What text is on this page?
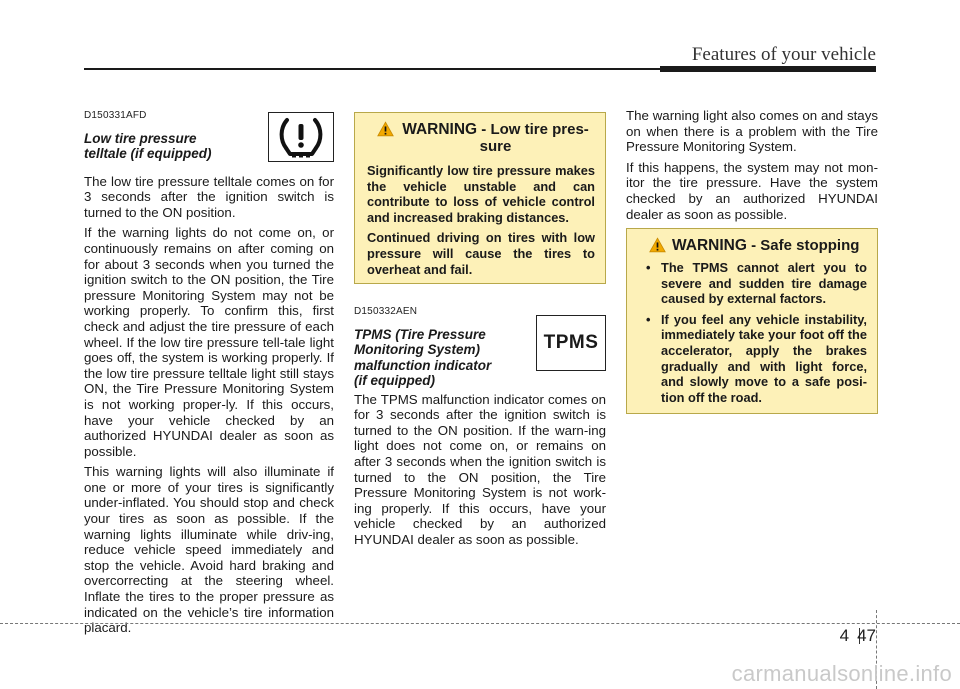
Features of your vehicle
D150331AFD
Low tire pressure
telltale (if equipped)

The low tire pressure telltale comes on for 3 seconds after the ignition switch is turned to the ON position.

If the warning lights do not come on, or continuously remains on after coming on for about 3 seconds when you turned the ignition switch to the ON position, the Tire pressure Monitoring System may not be working properly. To confirm this, first check and adjust the tire pressure of each wheel. If the low tire pressure tell-tale light goes off, the system is working properly. If the low tire pressure telltale light still stays ON, the Tire Pressure Monitoring System is not working proper-ly. If this occurs, have your vehicle checked by an authorized HYUNDAI dealer as soon as possible.

This warning lights will also illuminate if one or more of your tires is significantly under-inflated. You should stop and check your tires as soon as possible. If the warning lights illuminate while driv-ing, reduce vehicle speed immediately and stop the vehicle. Avoid hard braking and overcorrecting at the steering wheel. Inflate the tires to the proper pressure as indicated on the vehicle’s tire information placard.

WARNING - Low tire pres-sure
Significantly low tire pressure makes the vehicle unstable and can contribute to loss of vehicle control and increased braking distances.
Continued driving on tires with low pressure will cause the tires to overheat and fail.
D150332AEN
TPMS (Tire Pressure
Monitoring System)
malfunction indicator
(if equipped)

The TPMS malfunction indicator comes on for 3 seconds after the ignition switch is turned to the ON position. If the warn-ing light does not come on, or remains on after 3 seconds when the ignition switch is turned to the ON position, the Tire Pressure Monitoring System is not work-ing properly. If this occurs, have your vehicle checked by an authorized HYUNDAI dealer as soon as possible.

TPMS

The warning light also comes on and stays on when there is a problem with the Tire Pressure Monitoring System.

If this happens, the system may not mon-itor the tire pressure. Have the system checked by an authorized HYUNDAI dealer as soon as possible.

WARNING - Safe stopping
• The TPMS cannot alert you to severe and sudden tire damage caused by external factors.
• If you feel any vehicle instability, immediately take your foot off the accelerator, apply the brakes gradually and with light force, and slowly move to a safe posi-tion off the road.
4 47
carmanualsonline.info
